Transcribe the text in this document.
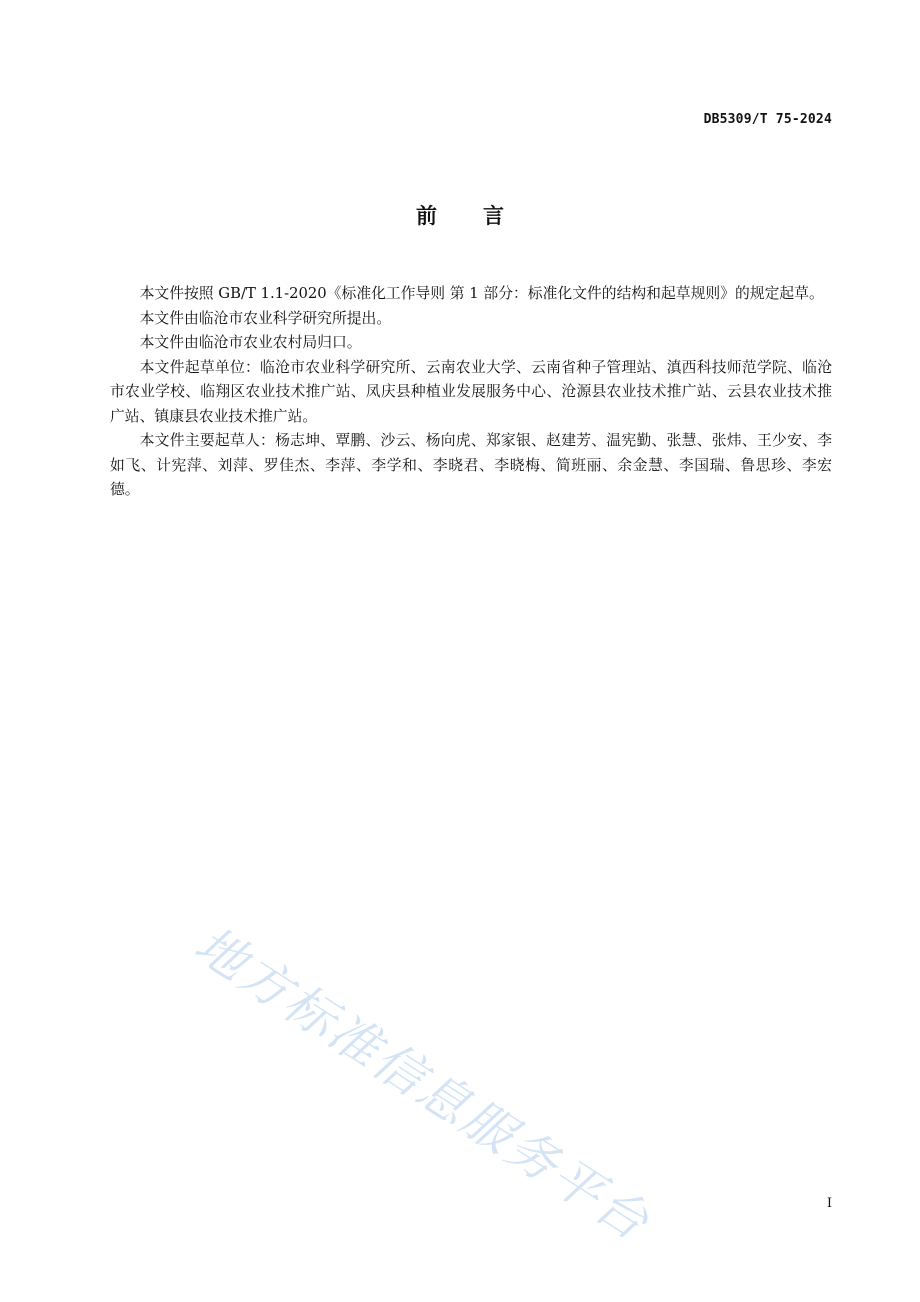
DB5309/T 75-2024
前言

本文件按照 GB/T 1.1-2020《标准化工作导则 第 1 部分：标准化文件的结构和起草规则》的规定起草。

本文件由临沧市农业科学研究所提出。

本文件由临沧市农业农村局归口。

本文件起草单位：临沧市农业科学研究所、云南农业大学、云南省种子管理站、滇西科技师范学院、临沧市农业学校、临翔区农业技术推广站、凤庆县种植业发展服务中心、沧源县农业技术推广站、云县农业技术推广站、镇康县农业技术推广站。

本文件主要起草人：杨志坤、覃鹏、沙云、杨向虎、郑家银、赵建芳、温宪勤、张慧、张炜、王少安、李如飞、计宪萍、刘萍、罗佳杰、李萍、李学和、李晓君、李晓梅、简班丽、余金慧、李国瑞、鲁思珍、李宏德。

地方标准信息服务平台	I
